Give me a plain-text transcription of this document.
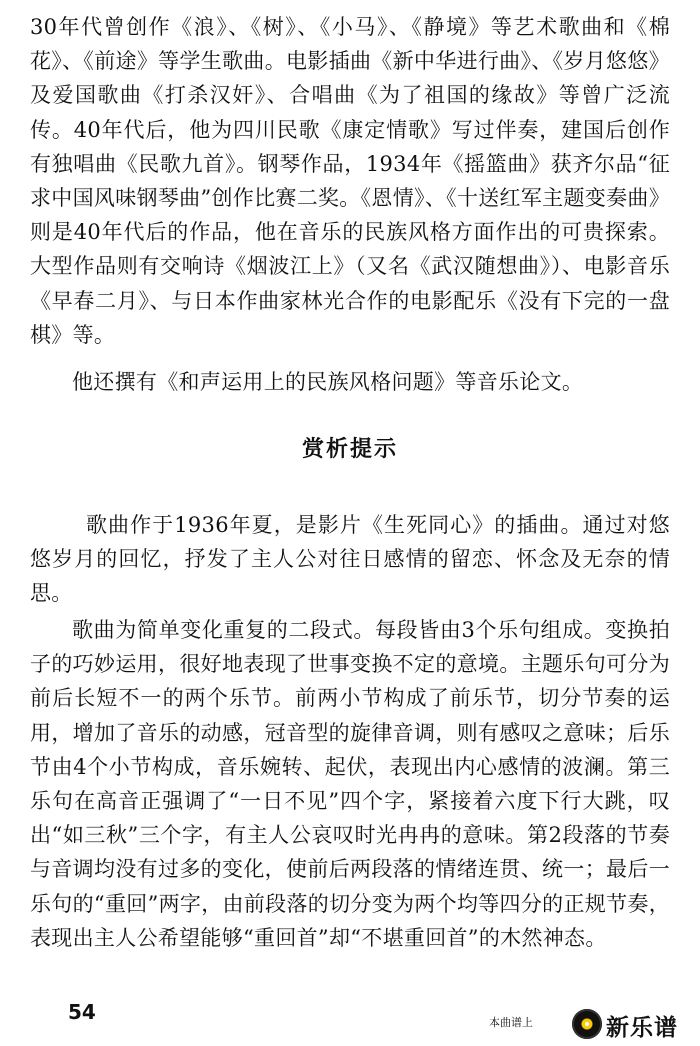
30年代曾创作《浪》、《树》、《小马》、《静境》等艺术歌曲和《棉花》、《前途》等学生歌曲。电影插曲《新中华进行曲》、《岁月悠悠》及爱国歌曲《打杀汉奸》、合唱曲《为了祖国的缘故》等曾广泛流传。40年代后，他为四川民歌《康定情歌》写过伴奏，建国后创作有独唱曲《民歌九首》。钢琴作品，1934年《摇篮曲》获齐尔品“征求中国风味钢琴曲”创作比赛二奖。《恩情》、《十送红军主题变奏曲》则是40年代后的作品，他在音乐的民族风格方面作出的可贵探索。大型作品则有交响诗《烟波江上》（又名《武汉随想曲》）、电影音乐《早春二月》、与日本作曲家林光合作的电影配乐《没有下完的一盘棋》等。

他还撰有《和声运用上的民族风格问题》等音乐论文。

赏析提示

歌曲作于1936年夏，是影片《生死同心》的插曲。通过对悠悠岁月的回忆，抒发了主人公对往日感情的留恋、怀念及无奈的情思。

歌曲为简单变化重复的二段式。每段皆由3个乐句组成。变换拍子的巧妙运用，很好地表现了世事变换不定的意境。主题乐句可分为前后长短不一的两个乐节。前两小节构成了前乐节，切分节奏的运用，增加了音乐的动感，冠音型的旋律音调，则有感叹之意味；后乐节由4个小节构成，音乐婉转、起伏，表现出内心感情的波澜。第三乐句在高音正强调了“一日不见”四个字，紧接着六度下行大跳，叹出“如三秋”三个字，有主人公哀叹时光冉冉的意味。第2段落的节奏与音调均没有过多的变化，使前后两段落的情绪连贯、统一；最后一乐句的“重回”两字，由前段落的切分变为两个均等四分的正规节奏，表现出主人公希望能够“重回首”却“不堪重回首”的木然神态。

54	本曲谱上	新乐谱
